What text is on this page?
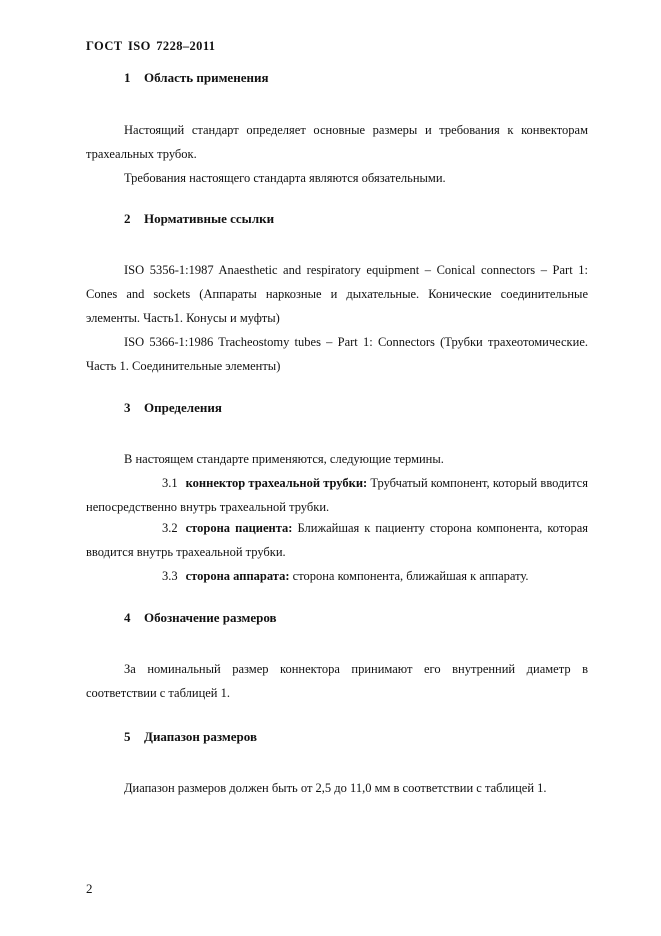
ГОСТ ISO 7228–2011
1 Область применения

Настоящий стандарт определяет основные размеры и требования к конвекторам трахеальных трубок.

Требования настоящего стандарта являются обязательными.

2 Нормативные ссылки

ISO 5356-1:1987 Anaesthetic and respiratory equipment – Conical connectors – Part 1: Cones and sockets (Аппараты наркозные и дыхательные. Конические соединительные элементы. Часть1. Конусы и муфты)

ISO 5366-1:1986 Tracheostomy tubes – Part 1: Connectors (Трубки трахеотомические. Часть 1. Соединительные элементы)

3 Определения

В настоящем стандарте применяются, следующие термины.

3.1 коннектор трахеальной трубки: Трубчатый компонент, который вводится непосредственно внутрь трахеальной трубки.

3.2 сторона пациента: Ближайшая к пациенту сторона компонента, которая вводится внутрь трахеальной трубки.

3.3 сторона аппарата: сторона компонента, ближайшая к аппарату.

4 Обозначение размеров

За номинальный размер коннектора принимают его внутренний диаметр в соответствии с таблицей 1.

5 Диапазон размеров

Диапазон размеров должен быть от 2,5 до 11,0 мм в соответствии с таблицей 1.

2
